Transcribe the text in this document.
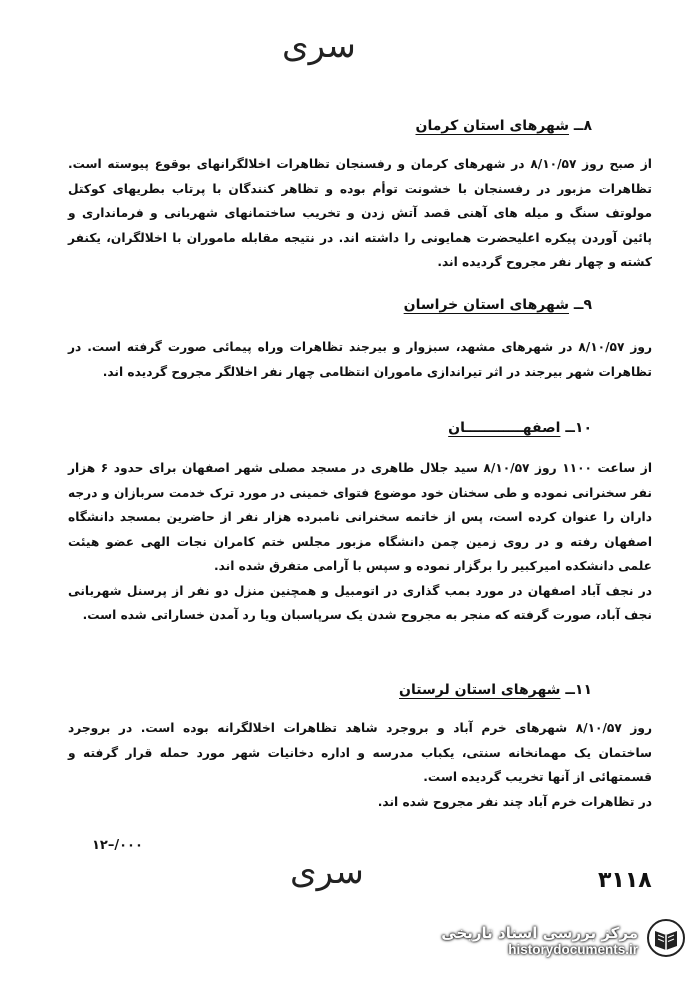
سری
۸ــ شهرهای استان کرمان

از صبح روز ۸/۱۰/۵۷ در شهرهای کرمان و رفسنجان تظاهرات اخلالگرانهای بوقوع پیوسته است. تظاهرات مزبور در رفسنجان با خشونت توأم بوده و تظاهر کنندگان با پرتاب بطریهای کوکتل مولوتف سنگ و میله های آهنی قصد آتش زدن و تخریب ساختمانهای شهربانی و فرمانداری و پائین آوردن پیکره اعلیحضرت همایونی را داشته اند. در نتیجه مقابله ماموران با اخلالگران، یکنفر کشته و چهار نفر مجروح گردیده اند.

۹ــ شهرهای استان خراسان

روز ۸/۱۰/۵۷ در شهرهای مشهد، سبزوار و بیرجند تظاهرات وراه پیمائی صورت گرفته است. در تظاهرات شهر بیرجند در اثر تیراندازی ماموران انتظامی چهار نفر اخلالگر مجروح گردیده اند.

۱۰ــ اصفهــــــــــــان

از ساعت ۱۱۰۰ روز ۸/۱۰/۵۷ سید جلال طاهری در مسجد مصلی شهر اصفهان برای حدود ۶ هزار نفر سخنرانی نموده و طی سخنان خود موضوع فتوای خمینی در مورد ترک خدمت سربازان و درجه داران را عنوان کرده است، پس از خاتمه سخنرانی نامبرده هزار نفر از حاضرین بمسجد دانشگاه اصفهان رفته و در روی زمین چمن دانشگاه مزبور مجلس ختم کامران نجات الهی عضو هیئت علمی دانشکده امیرکبیر را برگزار نموده و سپس با آرامی متفرق شده اند.

در نجف آباد اصفهان در مورد بمب گذاری در اتومبیل و همچنین منزل دو نفر از پرسنل شهربانی نجف آباد، صورت گرفته که منجر به مجروح شدن یک سرپاسبان ویا رد آمدن خساراتی شده است.

۱۱ــ شهرهای استان لرستان

روز ۸/۱۰/۵۷ شهرهای خرم آباد و بروجرد شاهد تظاهرات اخلالگرانه بوده است. در بروجرد ساختمان یک مهمانخانه سنتی، یکباب مدرسه و اداره دخانیات شهر مورد حمله قرار گرفته و قسمتهائی از آنها تخریب گردیده است.

در تظاهرات خرم آباد چند نفر مجروح شده اند.

۱۲–/۰۰۰
سری	۳۱۱۸
مرکز بررسی اسناد تاریخی
historydocuments.ir
